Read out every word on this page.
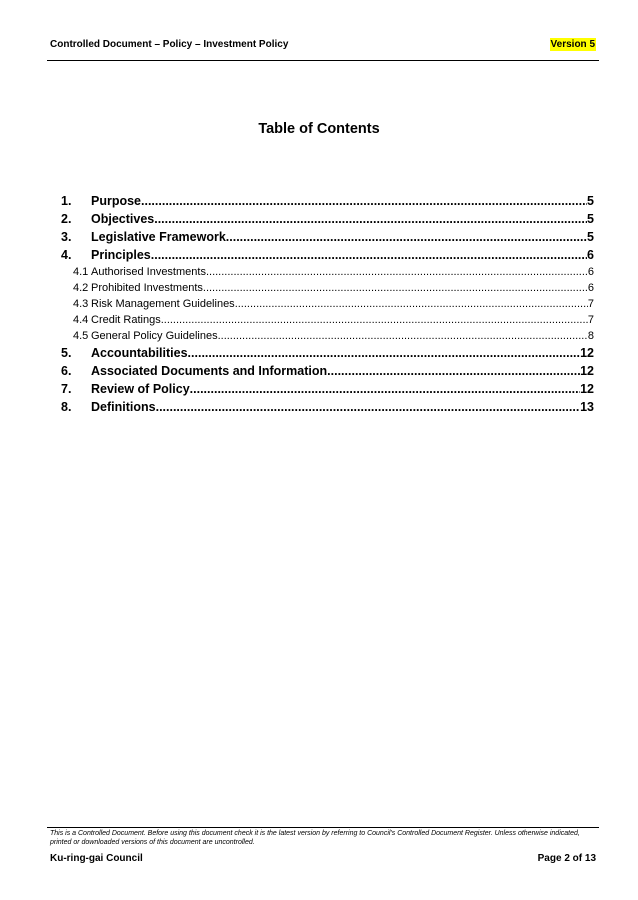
Controlled Document – Policy – Investment Policy	Version 5
Table of Contents
1.	Purpose .....	5
2.	Objectives .....	5
3.	Legislative Framework .....	5
4.	Principles .....	6
4.1 Authorised Investments .....	6
4.2 Prohibited Investments .....	6
4.3 Risk Management Guidelines .....	7
4.4 Credit Ratings .....	7
4.5 General Policy Guidelines .....	8
5.	Accountabilities .....	12
6.	Associated Documents and Information .....	12
7.	Review of Policy .....	12
8.	Definitions .....	13
This is a Controlled Document. Before using this document check it is the latest version by referring to Council's Controlled Document Register. Unless otherwise indicated, printed or downloaded versions of this document are uncontrolled.
Ku-ring-gai Council	Page 2 of 13
